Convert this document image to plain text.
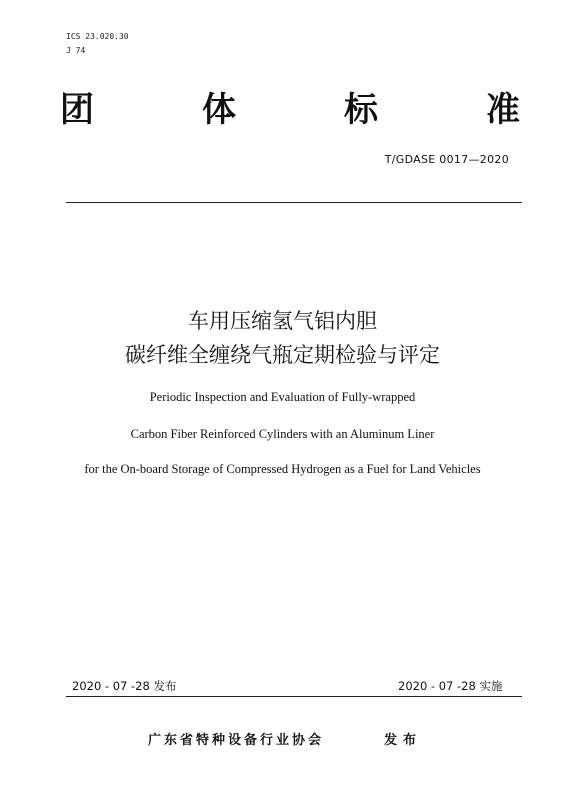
ICS 23.020.30
J 74
团	体	标	准
T/GDASE 0017—2020
车用压缩氢气铝内胆
碳纤维全缠绕气瓶定期检验与评定
Periodic Inspection and Evaluation of Fully-wrapped
Carbon Fiber Reinforced Cylinders with an Aluminum Liner
for the On-board Storage of Compressed Hydrogen as a Fuel for Land Vehicles
2020 - 07 -28 发布	2020 - 07 -28 实施
广东省特种设备行业协会	发布
